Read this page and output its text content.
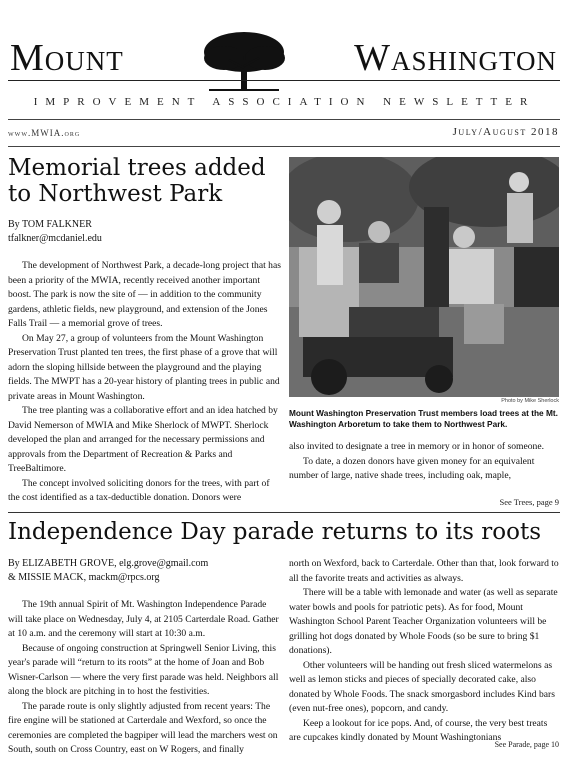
Mount	Washington
IMPROVEMENT ASSOCIATION NEWSLETTER
www.MWIA.org	July/August 2018
Memorial trees added to Northwest Park
By TOM FALKNER
tfalkner@mcdaniel.edu

The development of Northwest Park, a decade-long project that has been a priority of the MWIA, recently received another important boost. The park is now the site of — in addition to the community gardens, athletic fields, new playground, and extension of the Jones Falls Trail — a memorial grove of trees.

On May 27, a group of volunteers from the Mount Washington Preservation Trust planted ten trees, the first phase of a grove that will adorn the sloping hillside between the playground and the playing fields. The MWPT has a 20-year history of planting trees in public and private areas in Mount Washington.

The tree planting was a collaborative effort and an idea hatched by David Nemerson of MWIA and Mike Sherlock of MWPT. Sherlock developed the plan and arranged for the necessary permissions and approvals from the Department of Recreation & Parks and TreeBaltimore.

The concept involved soliciting donors for the trees, with part of the cost identified as a tax-deductible donation. Donors were

Photo by Mike Sherlock
Mount Washington Preservation Trust members load trees at the Mt. Washington Arboretum to take them to Northwest Park.

also invited to designate a tree in memory or in honor of someone.

To date, a dozen donors have given money for an equivalent number of large, native shade trees, including oak, maple,

See Trees, page 9
Independence Day parade returns to its roots
By ELIZABETH GROVE, elg.grove@gmail.com
& MISSIE MACK, mackm@rpcs.org

The 19th annual Spirit of Mt. Washington Independence Parade will take place on Wednesday, July 4, at 2105 Carterdale Road. Gather at 10 a.m. and the ceremony will start at 10:30 a.m.

Because of ongoing construction at Springwell Senior Living, this year's parade will “return to its roots” at the home of Joan and Bob Wisner-Carlson — where the very first parade was held. Neighbors all along the block are pitching in to host the festivities.

The parade route is only slightly adjusted from recent years: The fire engine will be stationed at Carterdale and Wexford, so once the ceremonies are completed the bagpiper will lead the marchers west on South, south on Cross Country, east on W Rogers, and finally

north on Wexford, back to Carterdale. Other than that, look forward to all the favorite treats and activities as always.

There will be a table with lemonade and water (as well as separate water bowls and pools for patriotic pets). As for food, Mount Washington School Parent Teacher Organization volunteers will be grilling hot dogs donated by Whole Foods (so be sure to bring $1 donations).

Other volunteers will be handing out fresh sliced watermelons as well as lemon sticks and pieces of specially decorated cake, also donated by Whole Foods. The snack smorgasbord includes Kind bars (even nut-free ones), popcorn, and candy.

Keep a lookout for ice pops. And, of course, the very best treats are cupcakes kindly donated by Mount Washingtonians

See Parade, page 10
